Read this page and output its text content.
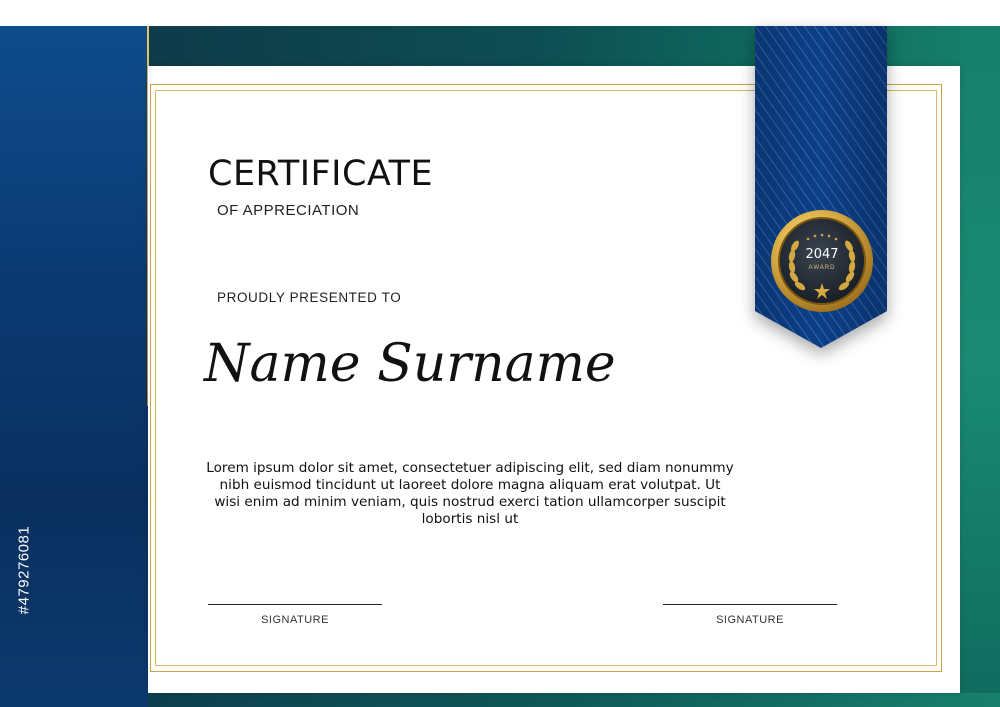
CERTIFICATE
OF APPRECIATION
PROUDLY PRESENTED TO
Name Surname
Lorem ipsum dolor sit amet, consectetuer adipiscing elit, sed diam nonummy nibh euismod tincidunt ut laoreet dolore magna aliquam erat volutpat. Ut wisi enim ad minim veniam, quis nostrud exerci tation ullamcorper suscipit lobortis nisl ut
SIGNATURE	SIGNATURE
2047
AWARD
#479276081
